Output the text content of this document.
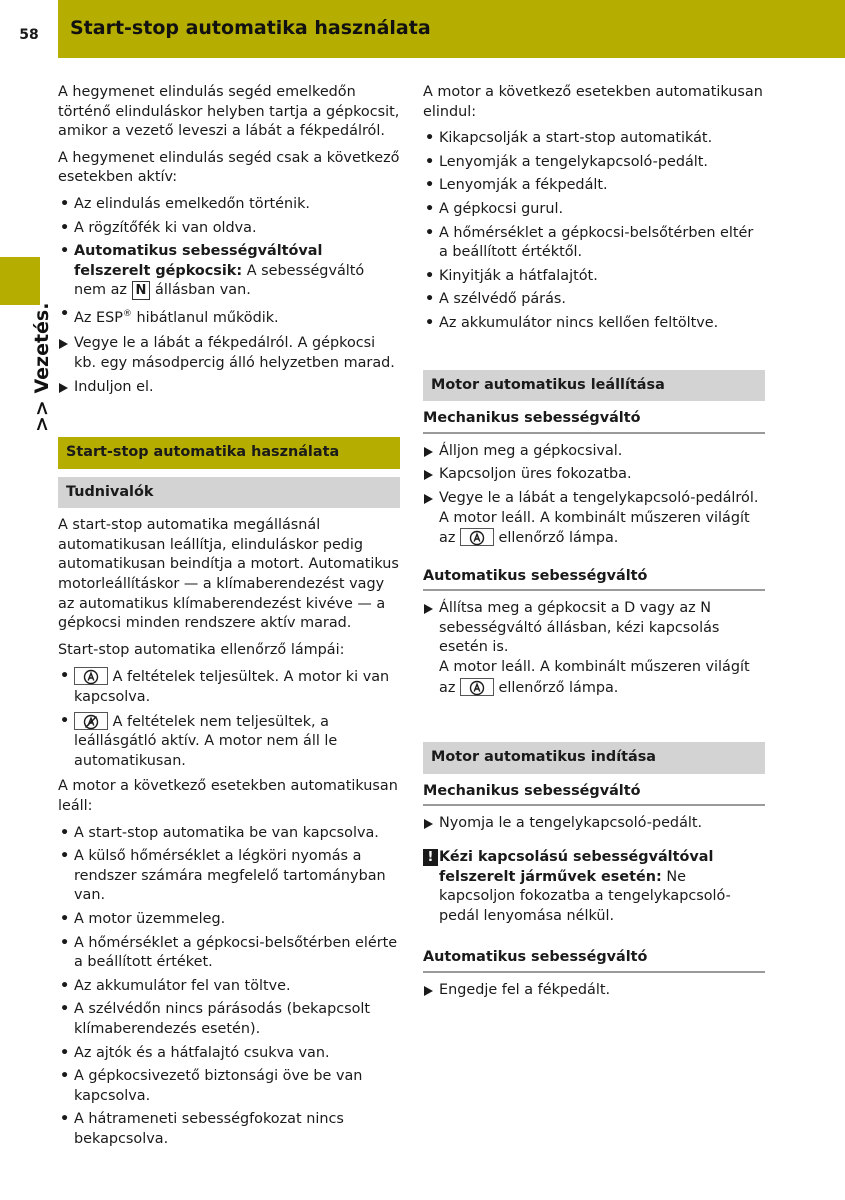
58	Start-stop automatika használata
>> Vezetés.

A hegymenet elindulás segéd emelkedőn történő elinduláskor helyben tartja a gépkocsit, amikor a vezető leveszi a lábát a fékpedálról.

A hegymenet elindulás segéd csak a következő esetekben aktív:

• Az elindulás emelkedőn történik.
• A rögzítőfék ki van oldva.
• Automatikus sebességváltóval felszerelt gépkocsik: A sebességváltó nem az N állásban van.
• Az ESP® hibátlanul működik.
Vegye le a lábát a fékpedálról. A gépkocsi kb. egy másodpercig álló helyzetben marad.
Induljon el.
Start-stop automatika használata
Tudnivalók

A start-stop automatika megállásnál automatikusan leállítja, elinduláskor pedig automatikusan beindítja a motort. Automatikus motorleállításkor — a klímaberendezést vagy az automatikus klímaberendezést kivéve — a gépkocsi minden rendszere aktív marad.

Start-stop automatika ellenőrző lámpái:

• A feltételek teljesültek. A motor ki van kapcsolva.
• A feltételek nem teljesültek, a leállásgátló aktív. A motor nem áll le automatikusan.

A motor a következő esetekben automatikusan leáll:

• A start-stop automatika be van kapcsolva.
• A külső hőmérséklet a légköri nyomás a rendszer számára megfelelő tartományban van.
• A motor üzemmeleg.
• A hőmérséklet a gépkocsi-belsőtérben elérte a beállított értéket.
• Az akkumulátor fel van töltve.
• A szélvédőn nincs párásodás (bekapcsolt klímaberendezés esetén).
• Az ajtók és a hátfalajtó csukva van.
• A gépkocsivezető biztonsági öve be van kapcsolva.
• A hátrameneti sebességfokozat nincs bekapcsolva.

A motor a következő esetekben automatikusan elindul:

• Kikapcsolják a start-stop automatikát.
• Lenyomják a tengelykapcsoló-pedált.
• Lenyomják a fékpedált.
• A gépkocsi gurul.
• A hőmérséklet a gépkocsi-belsőtérben eltér a beállított értéktől.
• Kinyitják a hátfalajtót.
• A szélvédő párás.
• Az akkumulátor nincs kellően feltöltve.
Motor automatikus leállítása
Mechanikus sebességváltó
Álljon meg a gépkocsival.
Kapcsoljon üres fokozatba.
Vegye le a lábát a tengelykapcsoló-pedálról.
A motor leáll. A kombinált műszeren világít az	ellenőrző lámpa.
Automatikus sebességváltó
Állítsa meg a gépkocsit a D vagy az N sebességváltó állásban, kézi kapcsolás esetén is.
A motor leáll. A kombinált műszeren világít az	ellenőrző lámpa.
Motor automatikus indítása
Mechanikus sebességváltó
Nyomja le a tengelykapcsoló-pedált.
! Kézi kapcsolású sebességváltóval felszerelt járművek esetén: Ne kapcsoljon fokozatba a tengelykapcsoló-pedál lenyomása nélkül.
Automatikus sebességváltó
Engedje fel a fékpedált.
